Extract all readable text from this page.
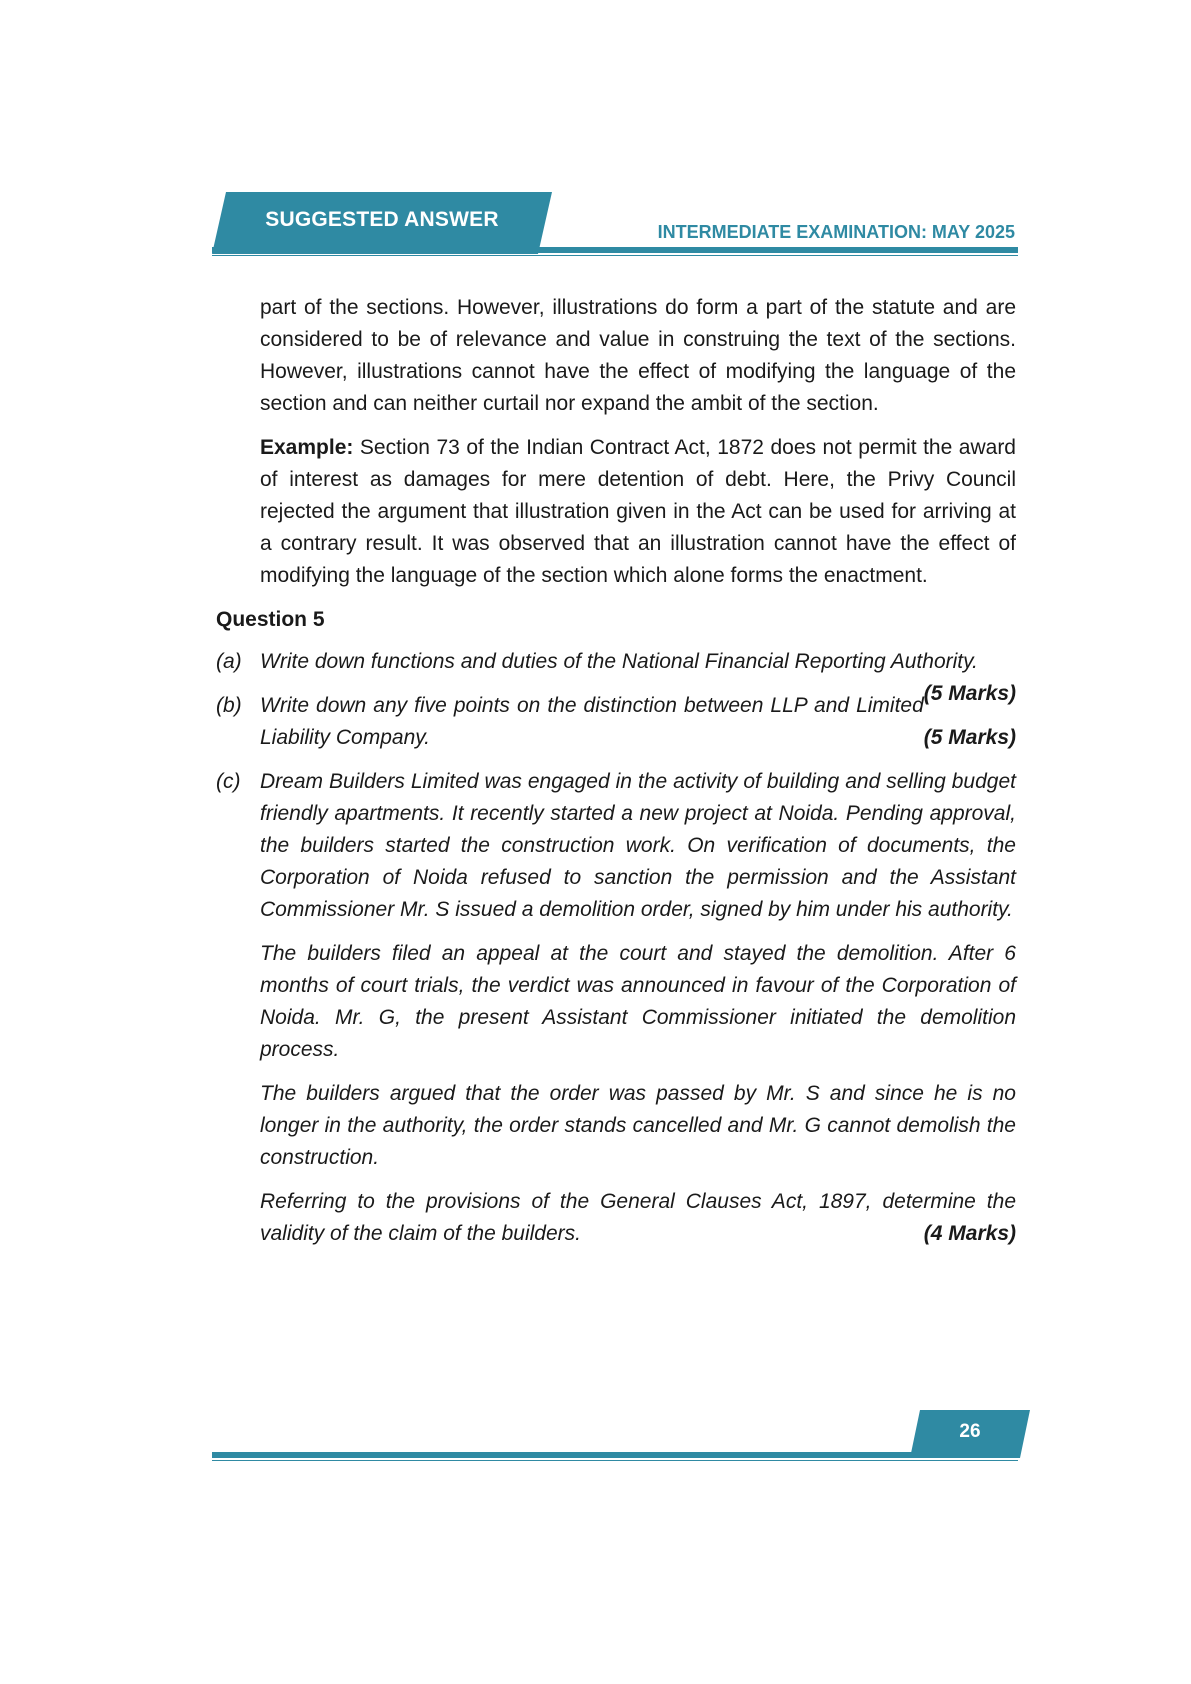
SUGGESTED ANSWER
INTERMEDIATE EXAMINATION: MAY 2025

part of the sections. However, illustrations do form a part of the statute and are considered to be of relevance and value in construing the text of the sections. However, illustrations cannot have the effect of modifying the language of the section and can neither curtail nor expand the ambit of the section.

Example: Section 73 of the Indian Contract Act, 1872 does not permit the award of interest as damages for mere detention of debt. Here, the Privy Council rejected the argument that illustration given in the Act can be used for arriving at a contrary result. It was observed that an illustration cannot have the effect of modifying the language of the section which alone forms the enactment.

Question 5

(a) Write down functions and duties of the National Financial Reporting Authority.
(5 Marks)
(b) Write down any five points on the distinction between LLP and Limited Liability Company.	(5 Marks)
(c) Dream Builders Limited was engaged in the activity of building and selling budget friendly apartments. It recently started a new project at Noida. Pending approval, the builders started the construction work. On verification of documents, the Corporation of Noida refused to sanction the permission and the Assistant Commissioner Mr. S issued a demolition order, signed by him under his authority.

The builders filed an appeal at the court and stayed the demolition. After 6 months of court trials, the verdict was announced in favour of the Corporation of Noida. Mr. G, the present Assistant Commissioner initiated the demolition process.

The builders argued that the order was passed by Mr. S and since he is no longer in the authority, the order stands cancelled and Mr. G cannot demolish the construction.

Referring to the provisions of the General Clauses Act, 1897, determine the validity of the claim of the builders.	(4 Marks)

26
